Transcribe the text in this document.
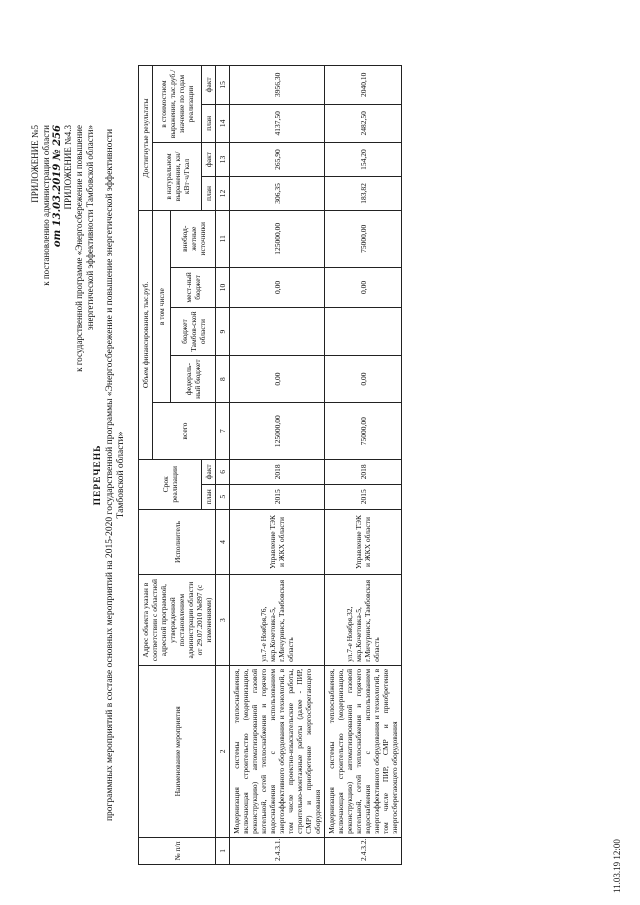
ПРИЛОЖЕНИЕ №5 к постановлению администрации области от 13.03.2019 № 256 ПРИЛОЖЕНИЕ №4.3 к государственной программе «Энергосбережение и повышение энергетической эффективности Тамбовской области»
ПЕРЕЧЕНЬ программных мероприятий в составе основных мероприятий на 2015-2020 государственной программы «Энергосбережение и повышение энергетической эффективности Тамбовской области»
№ п/п	Наименование мероприятия	Адрес объекта указан в соответствии с областной адресной программой, утвержденной постановлением администрации области от 29.07.2010 №897 (с изменениями)	Исполнитель	Срок реализации		Объем финансирования, тыс.руб.					Достигнутые результаты			
						всего	в том числе				в натуральном выражении, кн/кВт·ч/Гкал		в стоимостном выражении, тыс.руб./ значение по годам реализации	
							федераль-ный бюджет	бюджет Тамбов-ской области	мест-ный бюджет	внебюд-жетные источники				
				план	факт						план	факт	план	факт
1	2	3	4	5	6	7	8	9	10	11	12	13	14	15
2.4.3.1.	Модернизация системы теплоснабжения, включающая строительство (модернизацию, реконструкцию) автоматизированной газовой котельной, сетей теплоснабжения и горячего водоснабжения с использованием энергоэффективного оборудования и технологий, в том числе проектно-изыскательские работы, строительно-монтажные работы (далее - ПИР, СМР) и приобретение энергосберегающего оборудования	ул.7-е Ноября,76, мкр.Кочетовка-5, г.Мичуринск, Тамбовская область	Управление ТЭК и ЖКХ области	2015	2018	125000,00	0,00		0,00	125000,00	306,35	265,90	4137,50	3956,30
2.4.3.2.	Модернизация системы теплоснабжения, включающая строительство (модернизацию, реконструкцию) автоматизированной газовой котельной, сетей теплоснабжения и горячего водоснабжения с использованием энергоэффективного оборудования и технологий, в том числе ПИР, СМР и приобретение энергосберегающего оборудования	ул.7-е Ноября,32, мкр.Кочетовка-5, г.Мичуринск, Тамбовская область	Управление ТЭК и ЖКХ области	2015	2018	75000,00	0,00		0,00	75000,00	183,82	154,20	2482,50	2040,10
11.03.19 12:00
